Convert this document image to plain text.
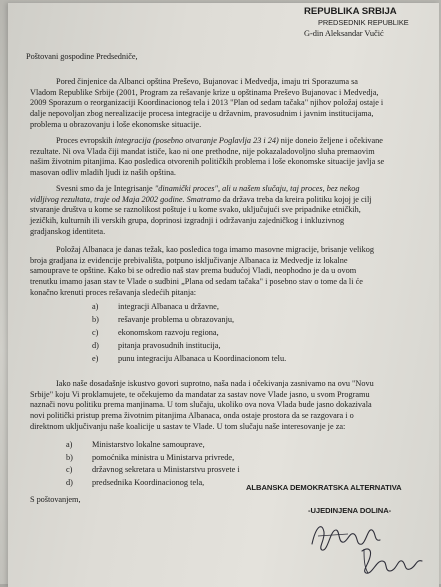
REPUBLIKA SRBIJA

PREDSEDNIK REPUBLIKE

G-din Aleksandar Vučić

Poštovani gospodine Predsedniče,

Pored činjenice da Albanci opština Preševo, Bujanovac i Medvedja, imaju tri Sporazuma sa
Vladom Republike Srbije (2001, Program za rešavanje krize u opštinama Preševo Bujanovac i Medvedja,
2009 Sporazum o reorganizaciji Koordinacionog tela i 2013 "Plan od sedam tačaka" njihov položaj ostaje i
dalje nepovoljan zbog nerealizacije procesa integracije u državnim, pravosudnim i javnim institucijama,
problema u obrazovanju i loše ekonomske situacije.
Proces evropskih integracija (posebno otvaranje Poglavlja 23 i 24) nije doneio željene i očekivane
rezultate. Ni ova Vlada čiji mandat ističe, kao ni one prethodne, nije pokazaladovoljno sluha premaovim
našim životnim pitanjima. Kao posledica otvorenih političkih problema i loše ekonomske situacije javlja se
masovan odliv mladih ljudi iz naših opština.
Svesni smo da je Integrisanje "dinamički proces", ali u našem slučaju, taj proces, bez nekog
vidljivog rezultata, traje od Maja 2002 godine. Smatramo da država treba da kreira politiku kojoj je cilj
stvaranje društva u kome se raznolikost poštuje i u kome svako, uključujući sve pripadnike etničkih,
jezičkih, kulturnih ili verskih grupa, doprinosi izgradnji i održavanju zajedničkog i inkluzivnog
gradjanskog identiteta.
Položaj Albanaca je danas težak, kao posledica toga imamo masovne migracije, brisanje velikog
broja gradjana iz evidencije prebivališta, potpuno isključivanje Albanaca iz Medvedje iz lokalne
samouprave te opštine. Kako bi se odredio naš stav prema budućoj Vladi, neophodno je da u ovom
trenutku imamo jasan stav te Vlade o sudbini „Plana od sedam tačaka" i posebno stav o tome da li će
konačno krenuti proces rešavanja sledećih pitanja:
a) integracji Albanaca u državne,
b) rešavanje problema u obrazovanju,
c) ekonomskom razvoju regiona,
d) pitanja pravosudnih institucija,
e) punu integraciju Albanaca u Koordinacionom telu.
Iako naše dosadašnje iskustvo govori suprotno, naša nada i očekivanja zasnivamo na ovu "Novu
Srbije" koju Vi proklamujete, te očekujemo da mandatar za sastav nove Vlade jasno, u svom Programu
naznači novu politiku prema manjinama. U tom slučaju, ukoliko ova nova Vlada bude jasno dokazivala
novi politički pristup prema životnim pitanjima Albanaca, onda ostaje prostora da se razgovara i o
direktnom uključivanju naše koalicije u sastav te Vlade. U tom slučaju naše interesovanje je za:
a) Ministarstvo lokalne samouprave,
b) pomoćnika ministra u Ministarva privrede,
c) državnog sekretara u Ministarstvu prosvete i
d) predsednika Koordinacionog tela,

S poštovanjem,

ALBANSKA DEMOKRATSKA ALTERNATIVA

-UJEDINJENA DOLINA-
